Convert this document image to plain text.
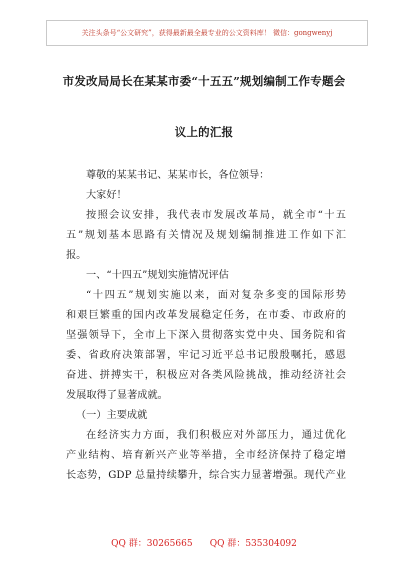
关注头条号“公文研究”，获得最新最全最专业的公文资料库！ 微信：gongwenyj
市发改局局长在某某市委“十五五”规划编制工作专题会
议上的汇报
尊敬的某某书记、某某市长，各位领导：
大家好！
按照会议安排，我代表市发展改革局，就全市“十五
五”规划基本思路有关情况及规划编制推进工作如下汇
报。
一、“十四五”规划实施情况评估
“十四五”规划实施以来，面对复杂多变的国际形势
和艰巨繁重的国内改革发展稳定任务，在市委、市政府的
坚强领导下，全市上下深入贯彻落实党中央、国务院和省
委、省政府决策部署，牢记习近平总书记殷殷嘱托，感恩
奋进、拼搏实干，积极应对各类风险挑战，推动经济社会
发展取得了显著成就。
（一）主要成就
在经济实力方面，我们积极应对外部压力，通过优化
产业结构、培育新兴产业等举措，全市经济保持了稳定增
长态势，GDP 总量持续攀升，综合实力显著增强。现代产业
QQ 群：30265665      QQ 群：535304092
